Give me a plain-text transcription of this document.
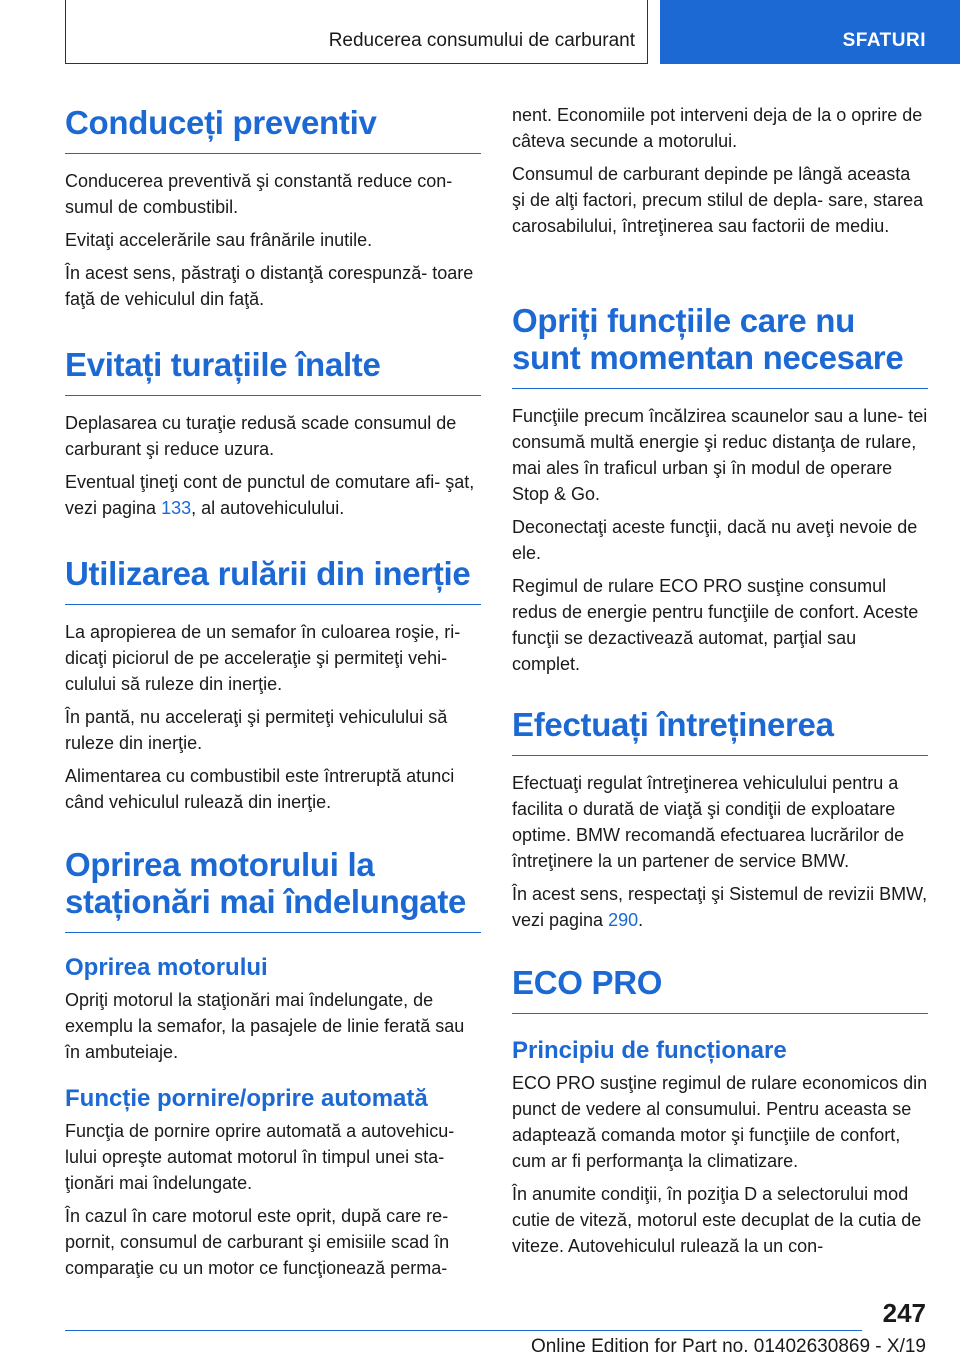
Reducerea consumului de carburant	SFATURI
Conduceți preventiv

Conducerea preventivă şi constantă reduce con‐ sumul de combustibil.

Evitaţi accelerările sau frânările inutile.

În acest sens, păstraţi o distanţă corespunză‐ toare faţă de vehiculul din faţă.

Evitați turațiile înalte

Deplasarea cu turaţie redusă scade consumul de carburant şi reduce uzura.

Eventual ţineţi cont de punctul de comutare afi‐ şat, vezi pagina 133, al autovehiculului.

Utilizarea rulării din inerție

La apropierea de un semafor în culoarea roşie, ri‐ dicaţi piciorul de pe acceleraţie şi permiteţi vehi‐ culului să ruleze din inerţie.

În pantă, nu acceleraţi şi permiteţi vehiculului să ruleze din inerţie.

Alimentarea cu combustibil este întreruptă atunci când vehiculul rulează din inerţie.

Oprirea motorului la staționări mai îndelungate
Oprirea motorului

Opriţi motorul la staţionări mai îndelungate, de exemplu la semafor, la pasajele de linie ferată sau în ambuteiaje.

Funcție pornire/oprire automată

Funcţia de pornire oprire automată a autovehicu‐ lului opreşte automat motorul în timpul unei sta‐ ţionări mai îndelungate.

În cazul în care motorul este oprit, după care re‐ pornit, consumul de carburant şi emisiile scad în comparaţie cu un motor ce funcţionează perma‐

nent. Economiile pot interveni deja de la o oprire de câteva secunde a motorului.

Consumul de carburant depinde pe lângă aceasta şi de alţi factori, precum stilul de depla‐ sare, starea carosabilului, întreţinerea sau factorii de mediu.

Opriți funcțiile care nu sunt momentan necesare

Funcţiile precum încălzirea scaunelor sau a lune‐ tei consumă multă energie şi reduc distanţa de rulare, mai ales în traficul urban şi în modul de operare Stop & Go.

Deconectaţi aceste funcţii, dacă nu aveţi nevoie de ele.

Regimul de rulare ECO PRO susţine consumul redus de energie pentru funcţiile de confort. Aceste funcţii se dezactivează automat, parţial sau complet.

Efectuați întreținerea

Efectuaţi regulat întreţinerea vehiculului pentru a facilita o durată de viaţă şi condiţii de exploatare optime. BMW recomandă efectuarea lucrărilor de întreţinere la un partener de service BMW.

În acest sens, respectaţi şi Sistemul de revizii BMW, vezi pagina 290.

ECO PRO
Principiu de funcționare

ECO PRO susţine regimul de rulare economicos din punct de vedere al consumului. Pentru aceasta se adaptează comanda motor şi funcţiile de confort, cum ar fi performanţa la climatizare.

În anumite condiţii, în poziţia D a selectorului mod cutie de viteză, motorul este decuplat de la cutia de viteze. Autovehiculul rulează la un con‐

247
Online Edition for Part no. 01402630869 - X/19
